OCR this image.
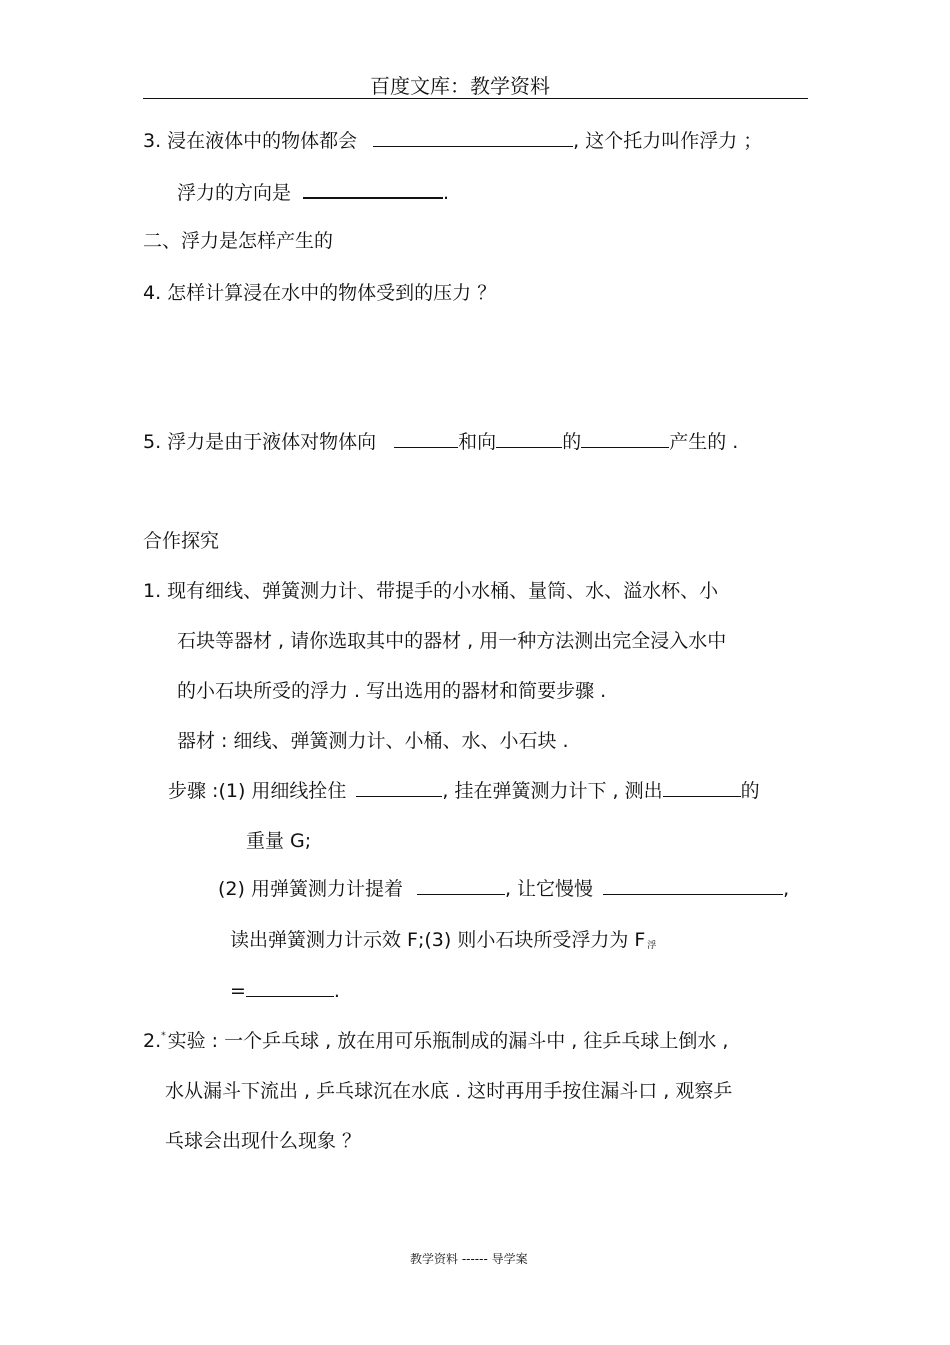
百度文库：教学资料
3. 浸在液体中的物体都会	, 这个托力叫作浮力 ；
浮力的方向是	.
二、浮力是怎样产生的
4. 怎样计算浸在水中的物体受到的压力 ？
5. 浮力是由于液体对物体向	和向	的	产生的 .
合作探究
1. 现有细线、弹簧测力计、带提手的小水桶、量筒、水、溢水杯、小
石块等器材 , 请你选取其中的器材 , 用一种方法测出完全浸入水中
的小石块所受的浮力 . 写出选用的器材和简要步骤 .
器材 : 细线、弹簧测力计、小桶、水、小石块 .
步骤 :(1) 用细线拴住	, 挂在弹簧测力计下 , 测出	的
重量 G;
(2) 用弹簧测力计提着	, 让它慢慢	,
读出弹簧测力计示效 F;(3) 则小石块所受浮力为 F $_浮$
=	.
2.* 实验 : 一个乒乓球 , 放在用可乐瓶制成的漏斗中 , 往乒乓球上倒水 ,
水从漏斗下流出 , 乒乓球沉在水底 . 这时再用手按住漏斗口 , 观察乒
乓球会出现什么现象 ？
教学资料 ------ 导学案
